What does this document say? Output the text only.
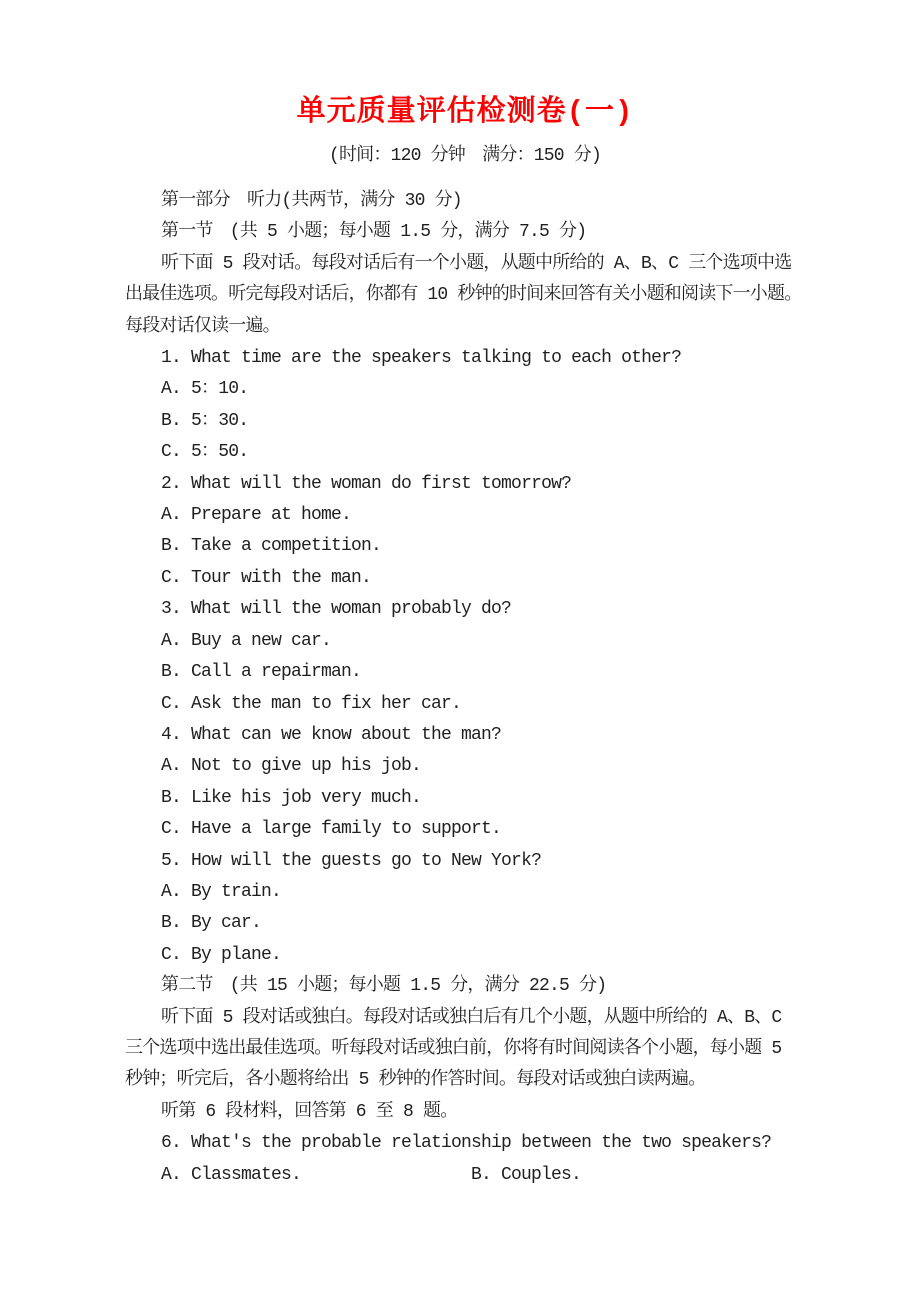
单元质量评估检测卷(一)
(时间：120 分钟　满分：150 分)

第一部分　听力(共两节，满分 30 分)

第一节　(共 5 小题；每小题 1.5 分，满分 7.5 分)

听下面 5 段对话。每段对话后有一个小题，从题中所给的 A、B、C 三个选项中选出最佳选项。听完每段对话后，你都有 10 秒钟的时间来回答有关小题和阅读下一小题。每段对话仅读一遍。

1. What time are the speakers talking to each other?

A. 5：10.

B. 5：30.

C. 5：50.

2. What will the woman do first tomorrow?

A. Prepare at home.

B. Take a competition.

C. Tour with the man.

3. What will the woman probably do?

A. Buy a new car.

B. Call a repairman.

C. Ask the man to fix her car.

4. What can we know about the man?

A. Not to give up his job.

B. Like his job very much.

C. Have a large family to support.

5. How will the guests go to New York?

A. By train.

B. By car.

C. By plane.

第二节　(共 15 小题；每小题 1.5 分，满分 22.5 分)

听下面 5 段对话或独白。每段对话或独白后有几个小题，从题中所给的 A、B、C 三个选项中选出最佳选项。听每段对话或独白前，你将有时间阅读各个小题，每小题 5 秒钟；听完后，各小题将给出 5 秒钟的作答时间。每段对话或独白读两遍。

听第 6 段材料，回答第 6 至 8 题。

6. What's the probable relationship between the two speakers?

A. Classmates.	B. Couples.
